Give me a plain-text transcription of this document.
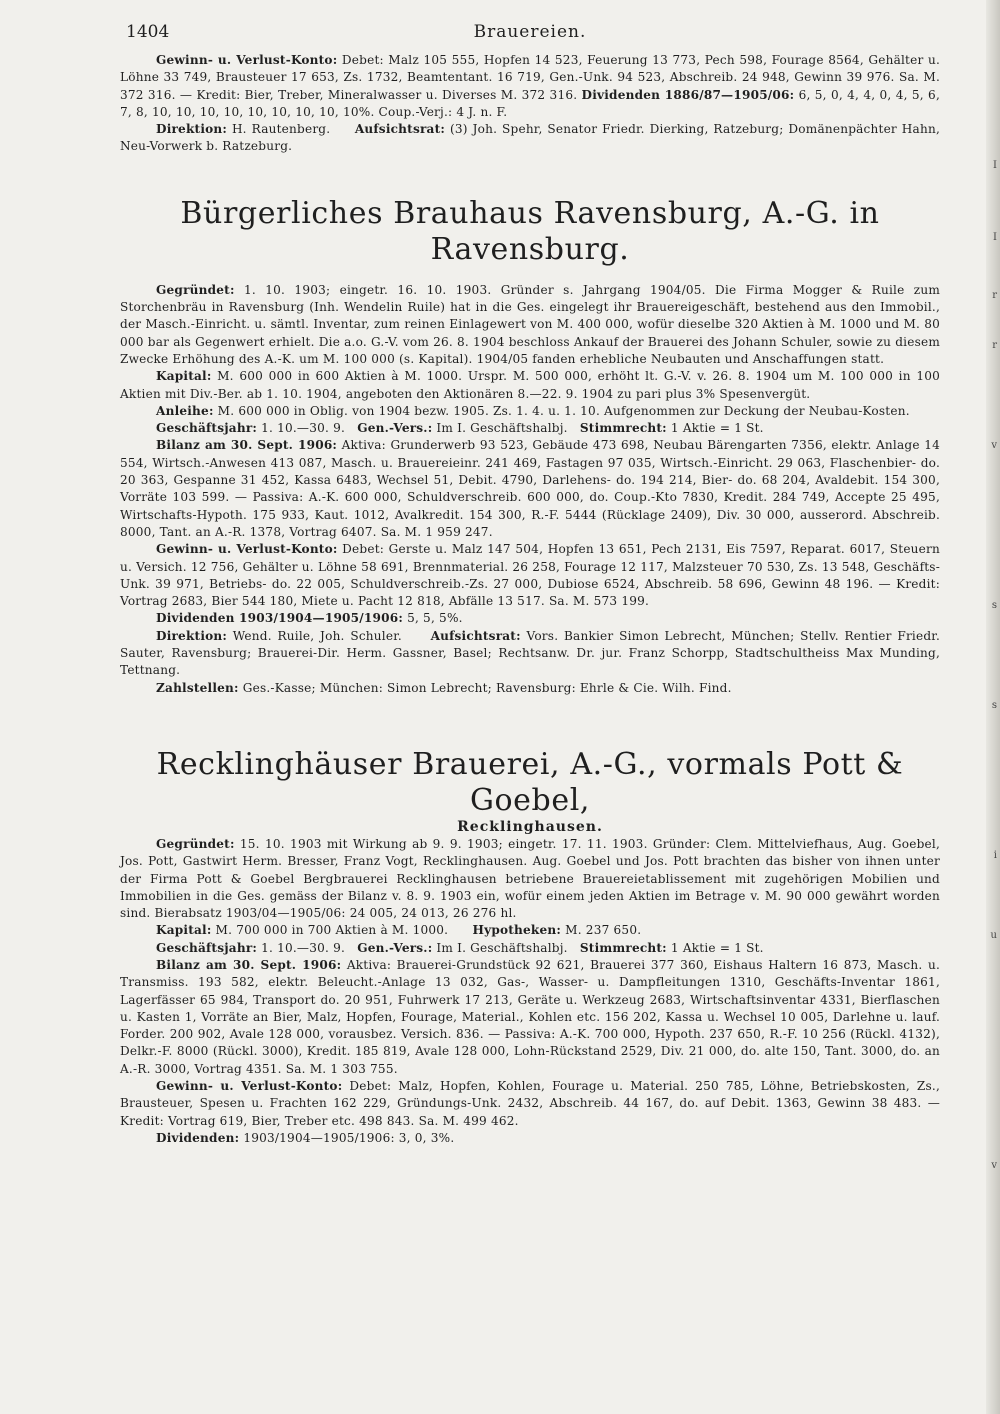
1404	Brauereien.

Gewinn- u. Verlust-Konto: Debet: Malz 105 555, Hopfen 14 523, Feuerung 13 773, Pech 598, Fourage 8564, Gehälter u. Löhne 33 749, Brausteuer 17 653, Zs. 1732, Beamtentant. 16 719, Gen.-Unk. 94 523, Abschreib. 24 948, Gewinn 39 976. Sa. M. 372 316. — Kredit: Bier, Treber, Mineralwasser u. Diverses M. 372 316. Dividenden 1886/87—1905/06: 6, 5, 0, 4, 4, 0, 4, 5, 6, 7, 8, 10, 10, 10, 10, 10, 10, 10, 10, 10%. Coup.-Verj.: 4 J. n. F.

Direktion: H. Rautenberg. Aufsichtsrat: (3) Joh. Spehr, Senator Friedr. Dierking, Ratzeburg; Domänenpächter Hahn, Neu-Vorwerk b. Ratzeburg.

Bürgerliches Brauhaus Ravensburg, A.-G. in Ravensburg.

Gegründet: 1. 10. 1903; eingetr. 16. 10. 1903. Gründer s. Jahrgang 1904/05. Die Firma Mogger & Ruile zum Storchenbräu in Ravensburg (Inh. Wendelin Ruile) hat in die Ges. eingelegt ihr Brauereigeschäft, bestehend aus den Immobil., der Masch.-Einricht. u. sämtl. Inventar, zum reinen Einlagewert von M. 400 000, wofür dieselbe 320 Aktien à M. 1000 und M. 80 000 bar als Gegenwert erhielt. Die a.o. G.-V. vom 26. 8. 1904 beschloss Ankauf der Brauerei des Johann Schuler, sowie zu diesem Zwecke Erhöhung des A.-K. um M. 100 000 (s. Kapital). 1904/05 fanden erhebliche Neubauten und Anschaffungen statt.

Kapital: M. 600 000 in 600 Aktien à M. 1000. Urspr. M. 500 000, erhöht lt. G.-V. v. 26. 8. 1904 um M. 100 000 in 100 Aktien mit Div.-Ber. ab 1. 10. 1904, angeboten den Aktionären 8.—22. 9. 1904 zu pari plus 3% Spesenvergüt.

Anleihe: M. 600 000 in Oblig. von 1904 bezw. 1905. Zs. 1. 4. u. 1. 10. Aufgenommen zur Deckung der Neubau-Kosten.

Geschäftsjahr: 1. 10.—30. 9. Gen.-Vers.: Im I. Geschäftshalbj. Stimmrecht: 1 Aktie = 1 St.

Bilanz am 30. Sept. 1906: Aktiva: Grunderwerb 93 523, Gebäude 473 698, Neubau Bärengarten 7356, elektr. Anlage 14 554, Wirtsch.-Anwesen 413 087, Masch. u. Brauereieinr. 241 469, Fastagen 97 035, Wirtsch.-Einricht. 29 063, Flaschenbier- do. 20 363, Gespanne 31 452, Kassa 6483, Wechsel 51, Debit. 4790, Darlehens- do. 194 214, Bier- do. 68 204, Avaldebit. 154 300, Vorräte 103 599. — Passiva: A.-K. 600 000, Schuldverschreib. 600 000, do. Coup.-Kto 7830, Kredit. 284 749, Accepte 25 495, Wirtschafts-Hypoth. 175 933, Kaut. 1012, Avalkredit. 154 300, R.-F. 5444 (Rücklage 2409), Div. 30 000, ausserord. Abschreib. 8000, Tant. an A.-R. 1378, Vortrag 6407. Sa. M. 1 959 247.

Gewinn- u. Verlust-Konto: Debet: Gerste u. Malz 147 504, Hopfen 13 651, Pech 2131, Eis 7597, Reparat. 6017, Steuern u. Versich. 12 756, Gehälter u. Löhne 58 691, Brennmaterial. 26 258, Fourage 12 117, Malzsteuer 70 530, Zs. 13 548, Geschäfts-Unk. 39 971, Betriebs- do. 22 005, Schuldverschreib.-Zs. 27 000, Dubiose 6524, Abschreib. 58 696, Gewinn 48 196. — Kredit: Vortrag 2683, Bier 544 180, Miete u. Pacht 12 818, Abfälle 13 517. Sa. M. 573 199.

Dividenden 1903/1904—1905/1906: 5, 5, 5%.

Direktion: Wend. Ruile, Joh. Schuler. Aufsichtsrat: Vors. Bankier Simon Lebrecht, München; Stellv. Rentier Friedr. Sauter, Ravensburg; Brauerei-Dir. Herm. Gassner, Basel; Rechtsanw. Dr. jur. Franz Schorpp, Stadtschultheiss Max Munding, Tettnang.

Zahlstellen: Ges.-Kasse; München: Simon Lebrecht; Ravensburg: Ehrle & Cie. Wilh. Find.

Recklinghäuser Brauerei, A.-G., vormals Pott & Goebel,
Recklinghausen.

Gegründet: 15. 10. 1903 mit Wirkung ab 9. 9. 1903; eingetr. 17. 11. 1903. Gründer: Clem. Mittelviefhaus, Aug. Goebel, Jos. Pott, Gastwirt Herm. Bresser, Franz Vogt, Recklinghausen. Aug. Goebel und Jos. Pott brachten das bisher von ihnen unter der Firma Pott & Goebel Bergbrauerei Recklinghausen betriebene Brauereietablissement mit zugehörigen Mobilien und Immobilien in die Ges. gemäss der Bilanz v. 8. 9. 1903 ein, wofür einem jeden Aktien im Betrage v. M. 90 000 gewährt worden sind. Bierabsatz 1903/04—1905/06: 24 005, 24 013, 26 276 hl.

Kapital: M. 700 000 in 700 Aktien à M. 1000. Hypotheken: M. 237 650.

Geschäftsjahr: 1. 10.—30. 9. Gen.-Vers.: Im I. Geschäftshalbj. Stimmrecht: 1 Aktie = 1 St.

Bilanz am 30. Sept. 1906: Aktiva: Brauerei-Grundstück 92 621, Brauerei 377 360, Eishaus Haltern 16 873, Masch. u. Transmiss. 193 582, elektr. Beleucht.-Anlage 13 032, Gas-, Wasser- u. Dampfleitungen 1310, Geschäfts-Inventar 1861, Lagerfässer 65 984, Transport do. 20 951, Fuhrwerk 17 213, Geräte u. Werkzeug 2683, Wirtschaftsinventar 4331, Bierflaschen u. Kasten 1, Vorräte an Bier, Malz, Hopfen, Fourage, Material., Kohlen etc. 156 202, Kassa u. Wechsel 10 005, Darlehne u. lauf. Forder. 200 902, Avale 128 000, vorausbez. Versich. 836. — Passiva: A.-K. 700 000, Hypoth. 237 650, R.-F. 10 256 (Rückl. 4132), Delkr.-F. 8000 (Rückl. 3000), Kredit. 185 819, Avale 128 000, Lohn-Rückstand 2529, Div. 21 000, do. alte 150, Tant. 3000, do. an A.-R. 3000, Vortrag 4351. Sa. M. 1 303 755.

Gewinn- u. Verlust-Konto: Debet: Malz, Hopfen, Kohlen, Fourage u. Material. 250 785, Löhne, Betriebskosten, Zs., Brausteuer, Spesen u. Frachten 162 229, Gründungs-Unk. 2432, Abschreib. 44 167, do. auf Debit. 1363, Gewinn 38 483. — Kredit: Vortrag 619, Bier, Treber etc. 498 843. Sa. M. 499 462.

Dividenden: 1903/1904—1905/1906: 3, 0, 3%.

I
I
r
r
v
s
s
i
u
v
